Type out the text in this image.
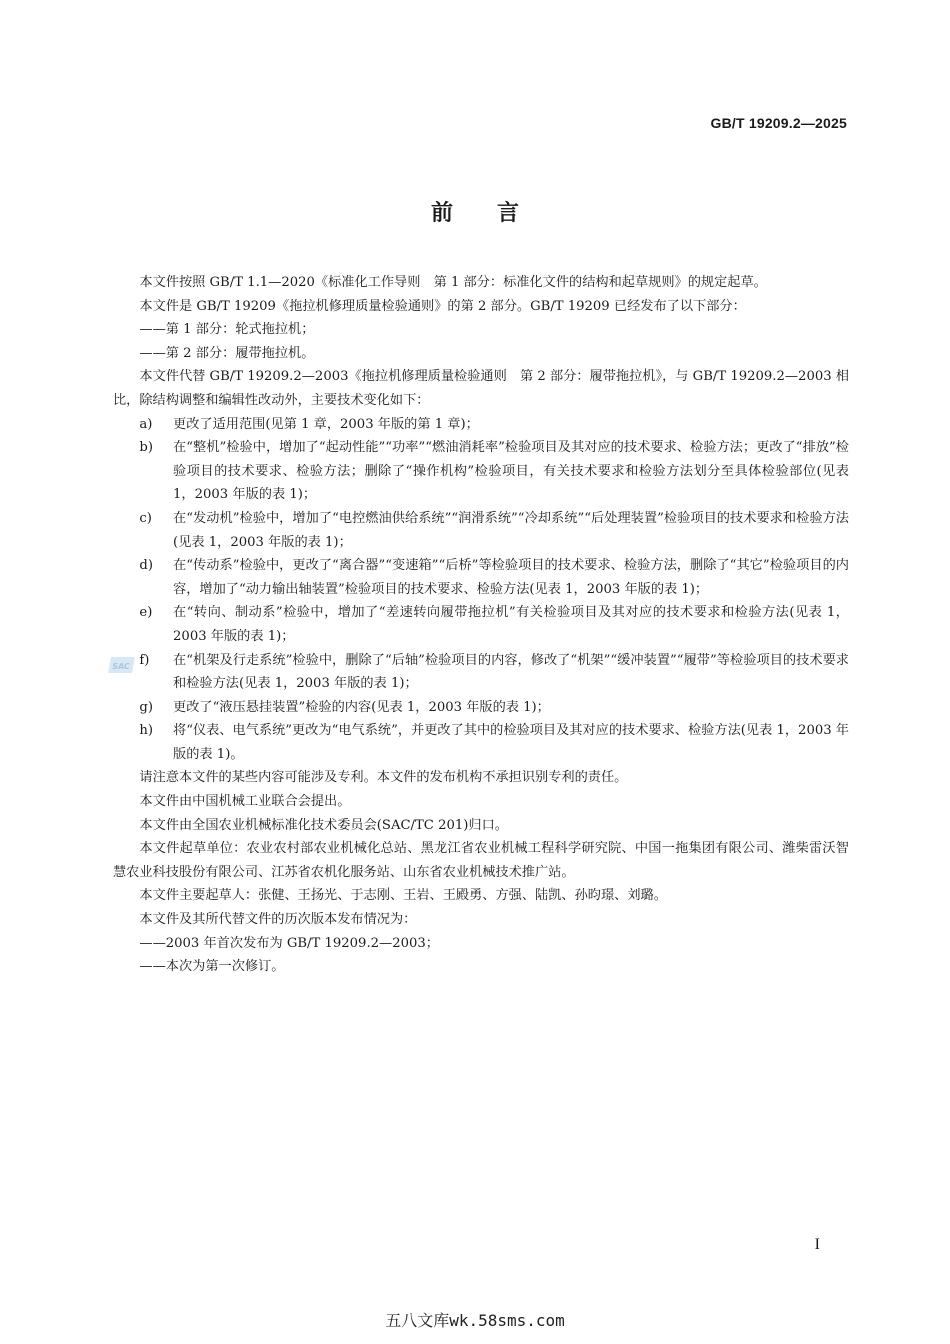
GB/T 19209.2—2025
前言
SAC

本文件按照 GB/T 1.1—2020《标准化工作导则　第 1 部分：标准化文件的结构和起草规则》的规定起草。

本文件是 GB/T 19209《拖拉机修理质量检验通则》的第 2 部分。GB/T 19209 已经发布了以下部分：

——第 1 部分：轮式拖拉机；

——第 2 部分：履带拖拉机。

本文件代替 GB/T 19209.2—2003《拖拉机修理质量检验通则　第 2 部分：履带拖拉机》，与 GB/T 19209.2—2003 相比，除结构调整和编辑性改动外，主要技术变化如下：

a)	更改了适用范围(见第 1 章，2003 年版的第 1 章)；
b)	在“整机”检验中，增加了“起动性能”“功率”“燃油消耗率”检验项目及其对应的技术要求、检验方法；更改了“排放”检验项目的技术要求、检验方法；删除了“操作机构”检验项目，有关技术要求和检验方法划分至具体检验部位(见表 1，2003 年版的表 1)；
c)	在“发动机”检验中，增加了“电控燃油供给系统”“润滑系统”“冷却系统”“后处理装置”检验项目的技术要求和检验方法(见表 1，2003 年版的表 1)；
d)	在“传动系”检验中，更改了“离合器”“变速箱”“后桥”等检验项目的技术要求、检验方法，删除了“其它”检验项目的内容，增加了“动力输出轴装置”检验项目的技术要求、检验方法(见表 1，2003 年版的表 1)；
e)	在“转向、制动系”检验中，增加了“差速转向履带拖拉机”有关检验项目及其对应的技术要求和检验方法(见表 1，2003 年版的表 1)；
f)	在“机架及行走系统”检验中，删除了“后轴”检验项目的内容，修改了“机架”“缓冲装置”“履带”等检验项目的技术要求和检验方法(见表 1，2003 年版的表 1)；
g)	更改了“液压悬挂装置”检验的内容(见表 1，2003 年版的表 1)；
h)	将“仪表、电气系统”更改为“电气系统”，并更改了其中的检验项目及其对应的技术要求、检验方法(见表 1，2003 年版的表 1)。

请注意本文件的某些内容可能涉及专利。本文件的发布机构不承担识别专利的责任。

本文件由中国机械工业联合会提出。

本文件由全国农业机械标准化技术委员会(SAC/TC 201)归口。

本文件起草单位：农业农村部农业机械化总站、黑龙江省农业机械工程科学研究院、中国一拖集团有限公司、潍柴雷沃智慧农业科技股份有限公司、江苏省农机化服务站、山东省农业机械技术推广站。

本文件主要起草人：张健、王扬光、于志刚、王岩、王殿勇、方强、陆凯、孙昀璟、刘璐。

本文件及其所代替文件的历次版本发布情况为：

——2003 年首次发布为 GB/T 19209.2—2003；

——本次为第一次修订。

I
五八文库wk.58sms.com
